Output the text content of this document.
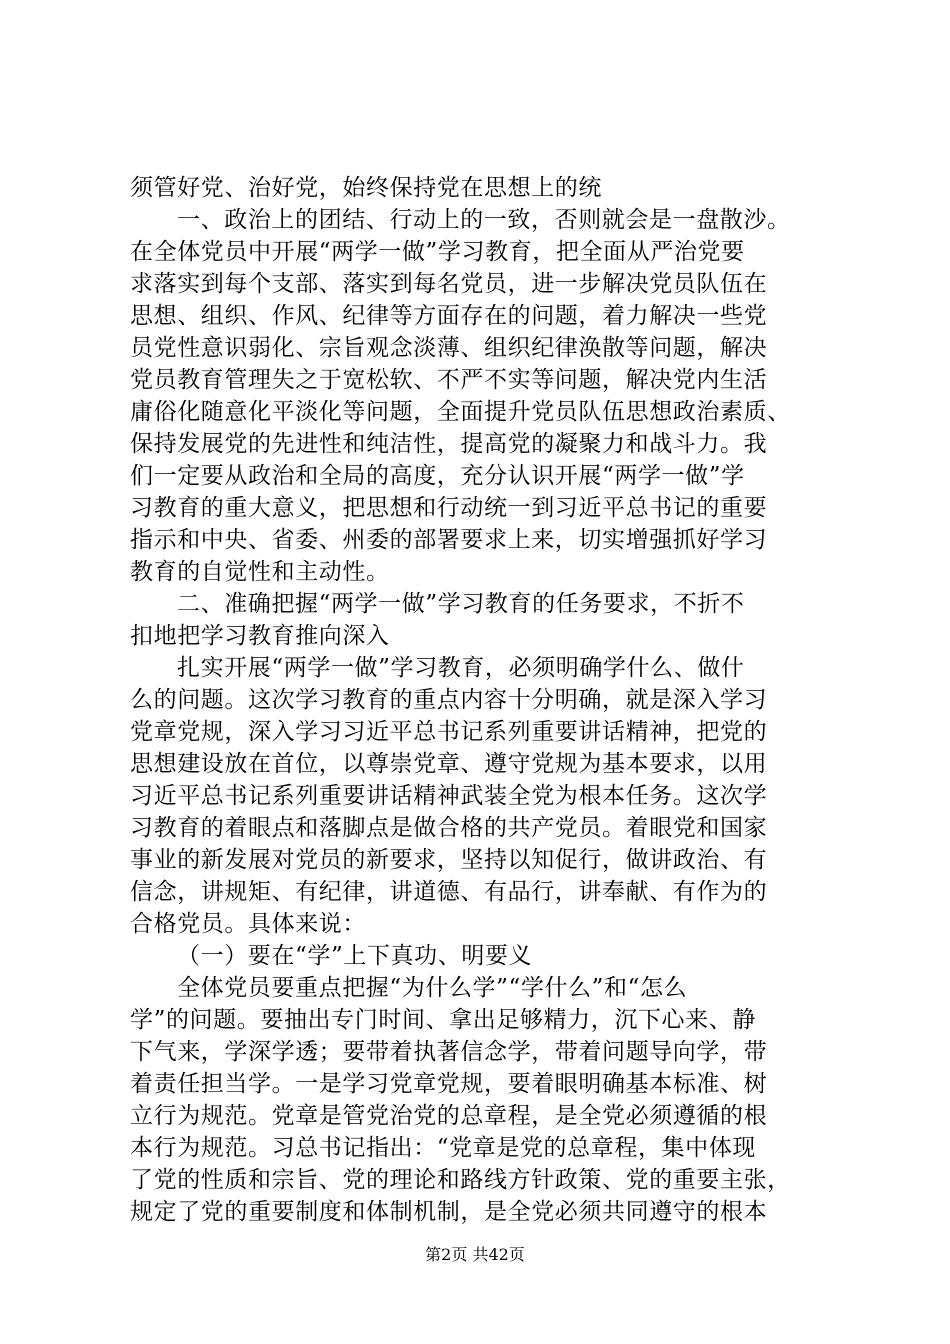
须管好党、治好党，始终保持党在思想上的统
一、政治上的团结、行动上的一致，否则就会是一盘散沙。
在全体党员中开展“两学一做”学习教育，把全面从严治党要
求落实到每个支部、落实到每名党员，进一步解决党员队伍在
思想、组织、作风、纪律等方面存在的问题，着力解决一些党
员党性意识弱化、宗旨观念淡薄、组织纪律涣散等问题，解决
党员教育管理失之于宽松软、不严不实等问题，解决党内生活
庸俗化随意化平淡化等问题，全面提升党员队伍思想政治素质、
保持发展党的先进性和纯洁性，提高党的凝聚力和战斗力。我
们一定要从政治和全局的高度，充分认识开展“两学一做”学
习教育的重大意义，把思想和行动统一到习近平总书记的重要
指示和中央、省委、州委的部署要求上来，切实增强抓好学习
教育的自觉性和主动性。
二、准确把握“两学一做”学习教育的任务要求，不折不
扣地把学习教育推向深入
扎实开展“两学一做”学习教育，必须明确学什么、做什
么的问题。这次学习教育的重点内容十分明确，就是深入学习
党章党规，深入学习习近平总书记系列重要讲话精神，把党的
思想建设放在首位，以尊崇党章、遵守党规为基本要求，以用
习近平总书记系列重要讲话精神武装全党为根本任务。这次学
习教育的着眼点和落脚点是做合格的共产党员。着眼党和国家
事业的新发展对党员的新要求，坚持以知促行，做讲政治、有
信念，讲规矩、有纪律，讲道德、有品行，讲奉献、有作为的
合格党员。具体来说：
（一）要在“学”上下真功、明要义
全体党员要重点把握“为什么学”“学什么”和“怎么
学”的问题。要抽出专门时间、拿出足够精力，沉下心来、静
下气来，学深学透；要带着执著信念学，带着问题导向学，带
着责任担当学。一是学习党章党规，要着眼明确基本标准、树
立行为规范。党章是管党治党的总章程，是全党必须遵循的根
本行为规范。习总书记指出：“党章是党的总章程，集中体现
了党的性质和宗旨、党的理论和路线方针政策、党的重要主张，
规定了党的重要制度和体制机制，是全党必须共同遵守的根本
第2页 共42页
